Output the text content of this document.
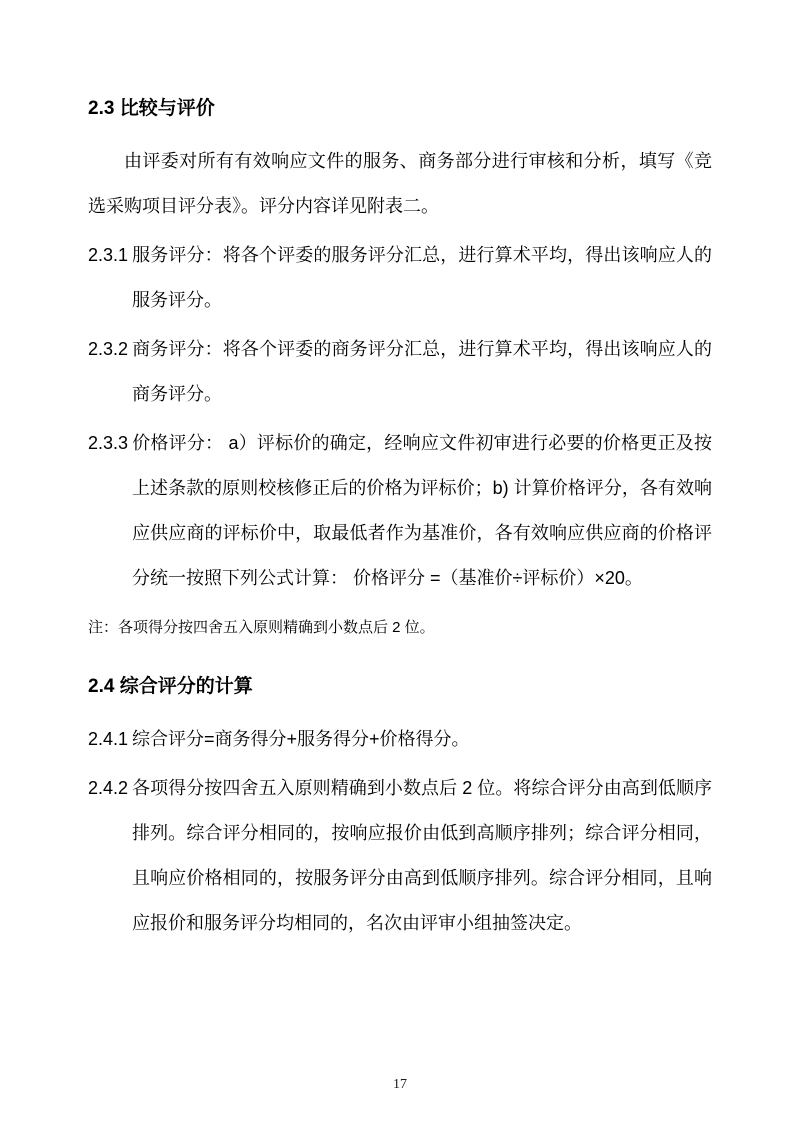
2.3 比较与评价

由评委对所有有效响应文件的服务、商务部分进行审核和分析，填写《竞选采购项目评分表》。评分内容详见附表二。

2.3.1 服务评分：将各个评委的服务评分汇总，进行算术平均，得出该响应人的服务评分。

2.3.2 商务评分：将各个评委的商务评分汇总，进行算术平均，得出该响应人的商务评分。

2.3.3 价格评分： a）评标价的确定，经响应文件初审进行必要的价格更正及按上述条款的原则校核修正后的价格为评标价；b) 计算价格评分，各有效响应供应商的评标价中，取最低者作为基准价，各有效响应供应商的价格评分统一按照下列公式计算： 价格评分 =（基准价÷评标价）×20。

注：各项得分按四舍五入原则精确到小数点后 2 位。

2.4 综合评分的计算

2.4.1 综合评分=商务得分+服务得分+价格得分。

2.4.2 各项得分按四舍五入原则精确到小数点后 2 位。将综合评分由高到低顺序排列。综合评分相同的，按响应报价由低到高顺序排列；综合评分相同，且响应价格相同的，按服务评分由高到低顺序排列。综合评分相同，且响应报价和服务评分均相同的，名次由评审小组抽签决定。

17
